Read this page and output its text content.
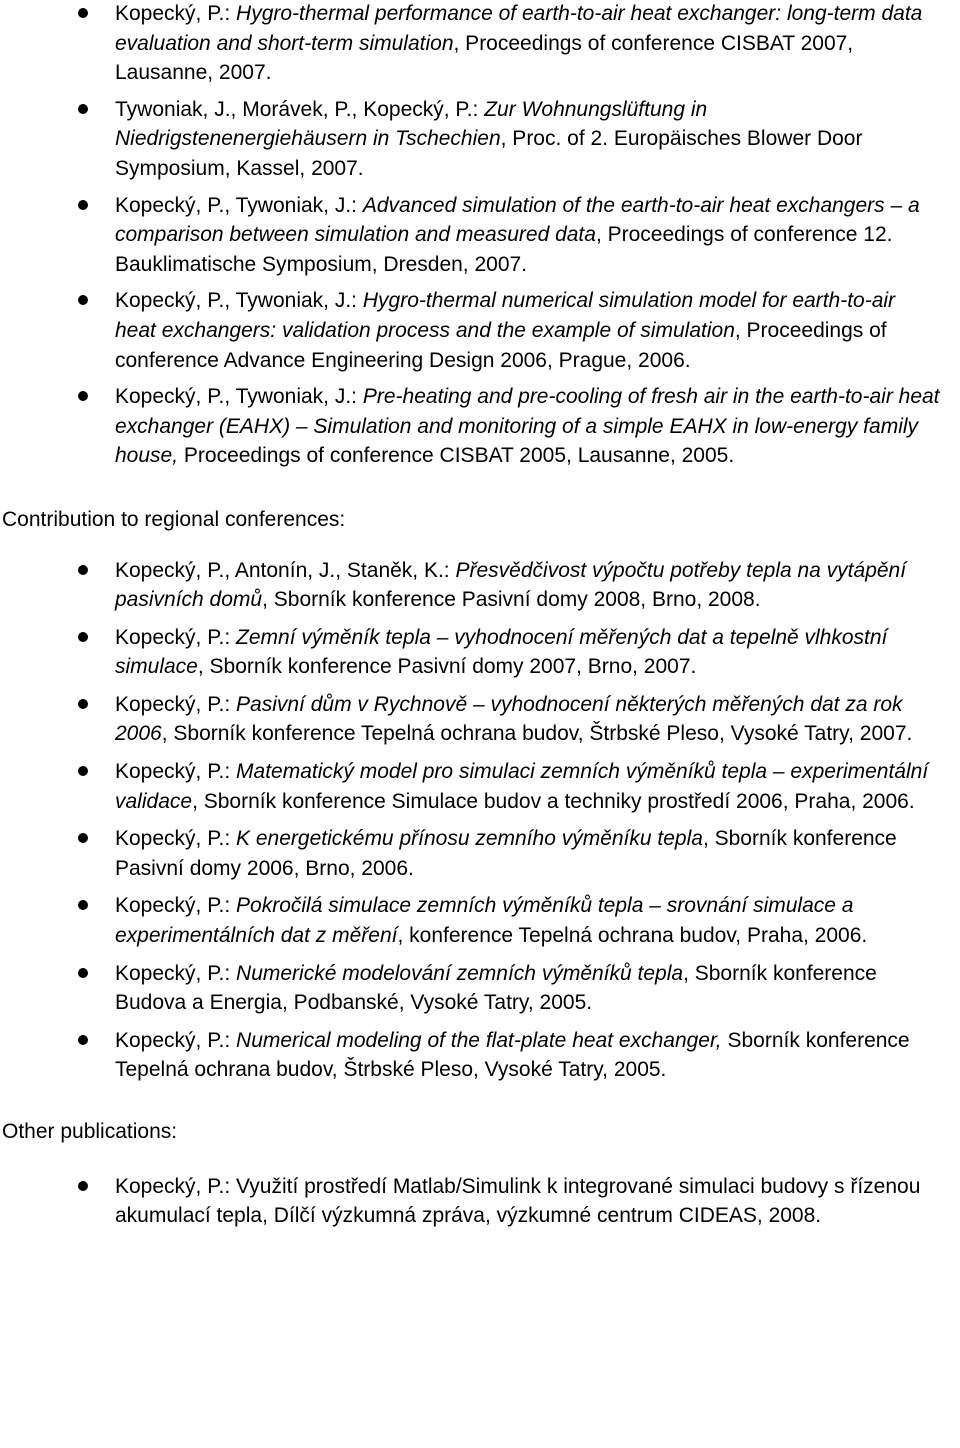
Kopecký, P.: Hygro-thermal performance of earth-to-air heat exchanger: long-term data evaluation and short-term simulation, Proceedings of conference CISBAT 2007, Lausanne, 2007.
Tywoniak, J., Morávek, P., Kopecký, P.: Zur Wohnungslüftung in Niedrigstenenergiehäusern in Tschechien, Proc. of 2. Europäisches Blower Door Symposium, Kassel, 2007.
Kopecký, P., Tywoniak, J.: Advanced simulation of the earth-to-air heat exchangers – a comparison between simulation and measured data, Proceedings of conference 12. Bauklimatische Symposium, Dresden, 2007.
Kopecký, P., Tywoniak, J.: Hygro-thermal numerical simulation model for earth-to-air heat exchangers: validation process and the example of simulation, Proceedings of conference Advance Engineering Design 2006, Prague, 2006.
Kopecký, P., Tywoniak, J.: Pre-heating and pre-cooling of fresh air in the earth-to-air heat exchanger (EAHX) – Simulation and monitoring of a simple EAHX in low-energy family house, Proceedings of conference CISBAT 2005, Lausanne, 2005.
Contribution to regional conferences:
Kopecký, P., Antonín, J., Staněk, K.: Přesvědčivost výpočtu potřeby tepla na vytápění pasivních domů, Sborník konference Pasivní domy 2008, Brno, 2008.
Kopecký, P.: Zemní výměník tepla – vyhodnocení měřených dat a tepelně vlhkostní simulace, Sborník konference Pasivní domy 2007, Brno, 2007.
Kopecký, P.: Pasivní dům v Rychnově – vyhodnocení některých měřených dat za rok 2006, Sborník konference Tepelná ochrana budov, Štrbské Pleso, Vysoké Tatry, 2007.
Kopecký, P.: Matematický model pro simulaci zemních výměníků tepla – experimentální validace, Sborník konference Simulace budov a techniky prostředí 2006, Praha, 2006.
Kopecký, P.: K energetickému přínosu zemního výměníku tepla, Sborník konference Pasivní domy 2006, Brno, 2006.
Kopecký, P.: Pokročilá simulace zemních výměníků tepla – srovnání simulace a experimentálních dat z měření, konference Tepelná ochrana budov, Praha, 2006.
Kopecký, P.: Numerické modelování zemních výměníků tepla, Sborník konference Budova a Energia, Podbanské, Vysoké Tatry, 2005.
Kopecký, P.: Numerical modeling of the flat-plate heat exchanger, Sborník konference Tepelná ochrana budov, Štrbské Pleso, Vysoké Tatry, 2005.
Other publications:
Kopecký, P.: Využití prostředí Matlab/Simulink k integrované simulaci budovy s řízenou akumulací tepla, Dílčí výzkumná zpráva, výzkumné centrum CIDEAS, 2008.
